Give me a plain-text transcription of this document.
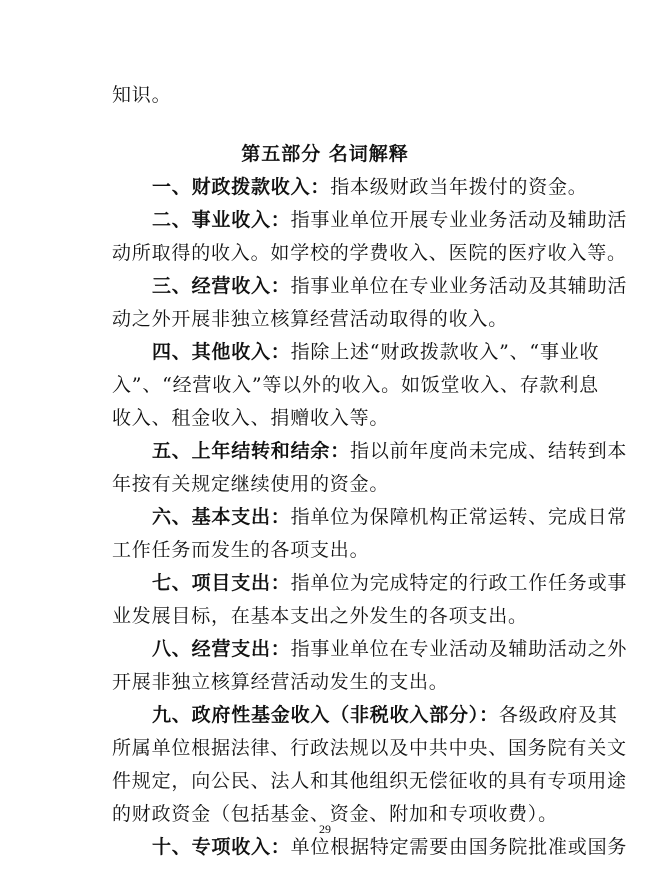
知识。
第五部分 名词解释
一、财政拨款收入：指本级财政当年拨付的资金。
二、事业收入：指事业单位开展专业业务活动及辅助活
动所取得的收入。如学校的学费收入、医院的医疗收入等。
三、经营收入：指事业单位在专业业务活动及其辅助活
动之外开展非独立核算经营活动取得的收入。
四、其他收入：指除上述“财政拨款收入”、“事业收
入”、“经营收入”等以外的收入。如饭堂收入、存款利息
收入、租金收入、捐赠收入等。
五、上年结转和结余：指以前年度尚未完成、结转到本
年按有关规定继续使用的资金。
六、基本支出：指单位为保障机构正常运转、完成日常
工作任务而发生的各项支出。
七、项目支出：指单位为完成特定的行政工作任务或事
业发展目标，在基本支出之外发生的各项支出。
八、经营支出：指事业单位在专业活动及辅助活动之外
开展非独立核算经营活动发生的支出。
九、政府性基金收入（非税收入部分）：各级政府及其
所属单位根据法律、行政法规以及中共中央、国务院有关文
件规定，向公民、法人和其他组织无偿征收的具有专项用途
的财政资金（包括基金、资金、附加和专项收费）。
十、专项收入：单位根据特定需要由国务院批准或国务
29
